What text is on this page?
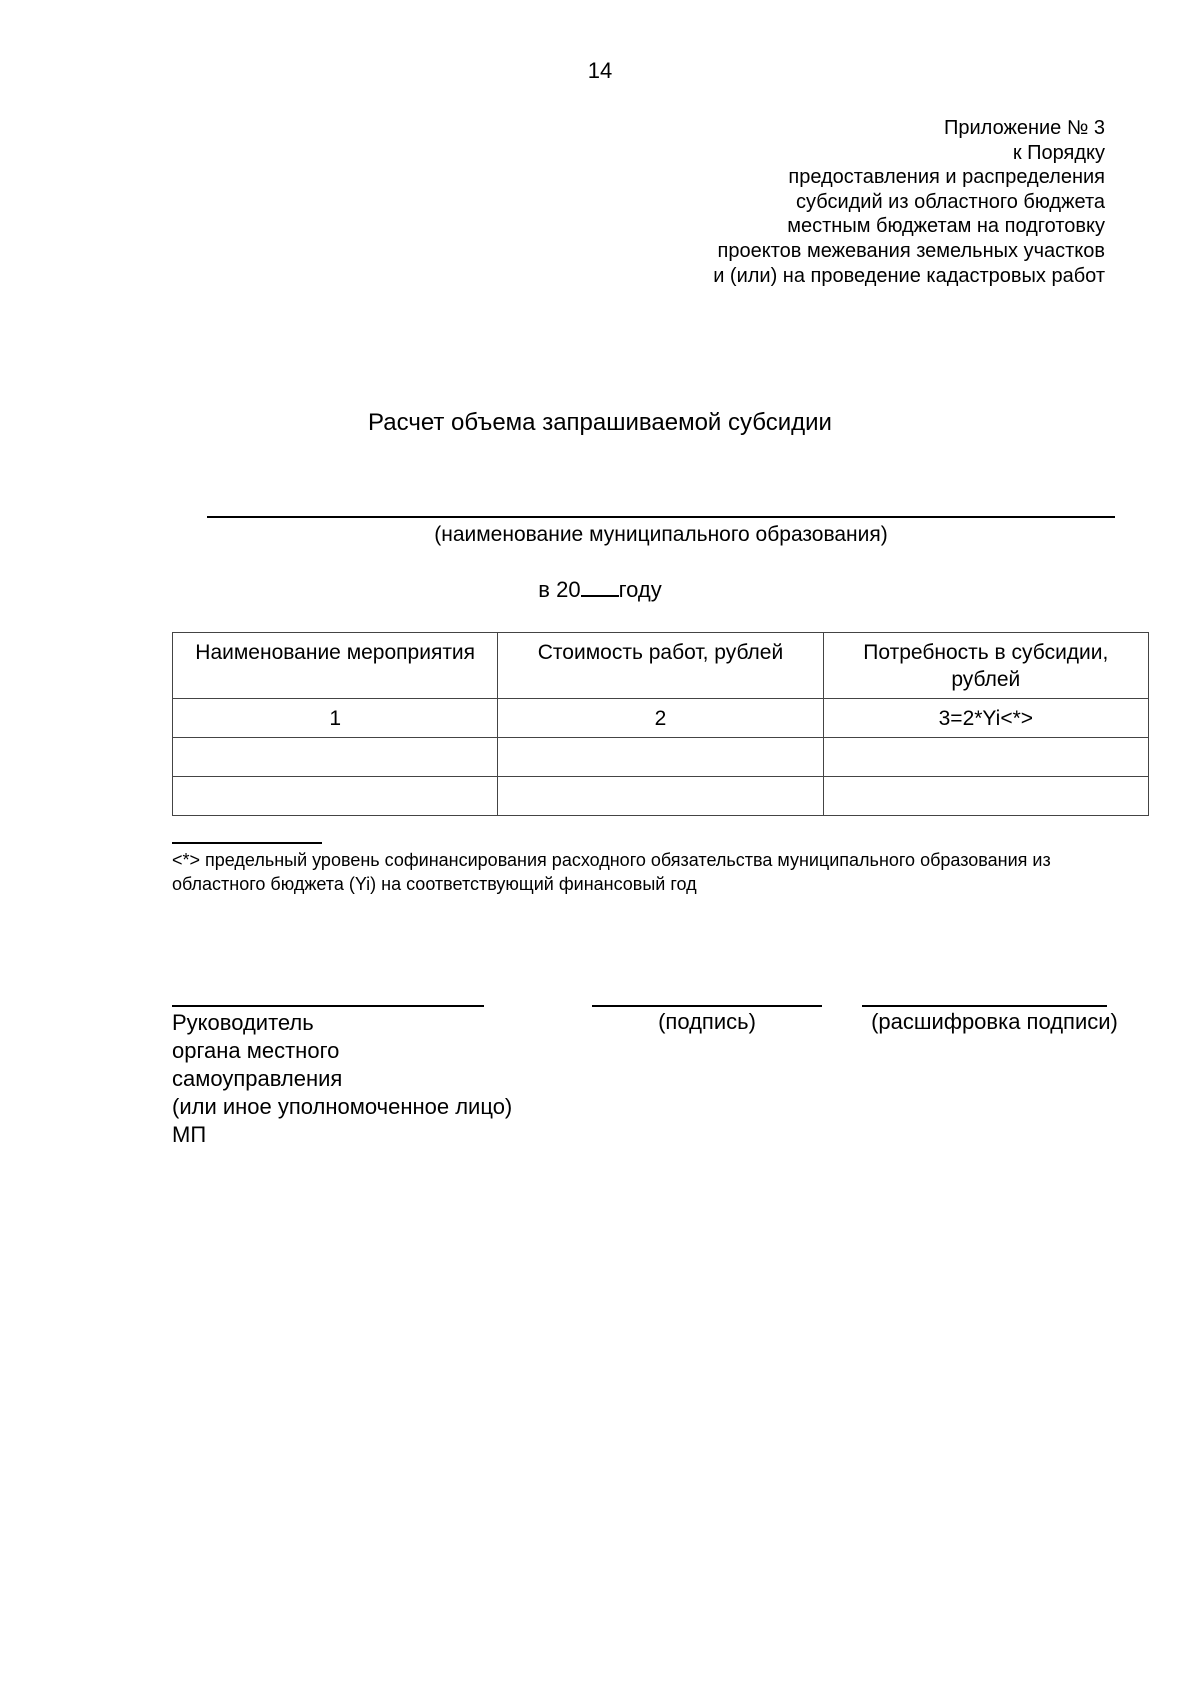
14
Приложение № 3
к Порядку
предоставления и распределения
субсидий из областного бюджета
местным бюджетам на подготовку
проектов межевания земельных участков
и (или) на проведение кадастровых работ
Расчет объема запрашиваемой субсидии
(наименование муниципального образования)
в 20 году
Наименование мероприятия	Стоимость работ, рублей	Потребность в субсидии, рублей
1	2	3=2*Yi<*>

<*> предельный уровень софинансирования расходного обязательства муниципального образования из областного бюджета (Yi) на соответствующий финансовый год
Руководитель
органа местного
самоуправления
(или иное уполномоченное лицо)
МП
(подпись)	(расшифровка подписи)
